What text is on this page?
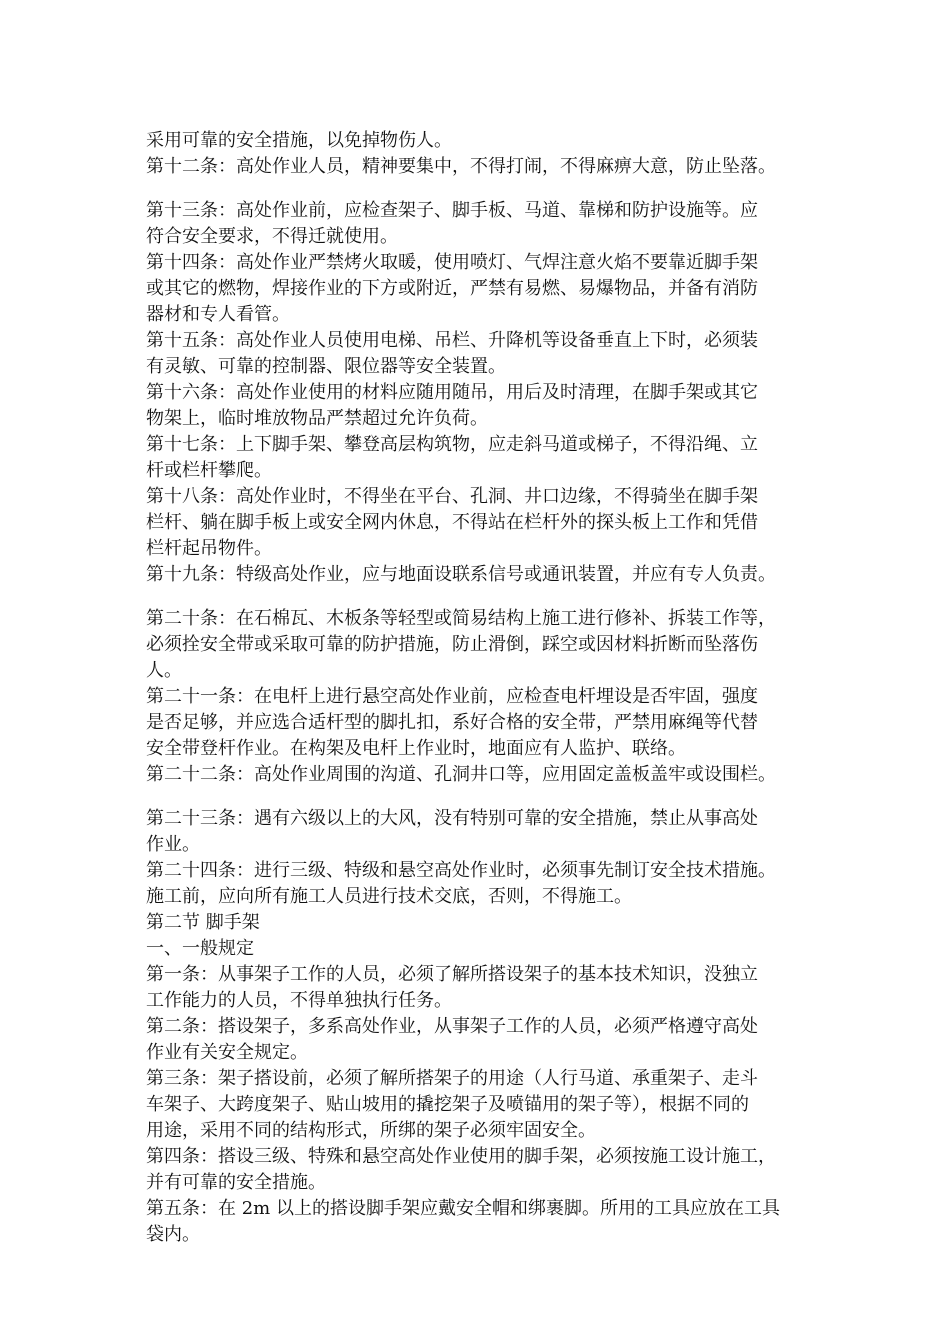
采用可靠的安全措施，以免掉物伤人。
第十二条：高处作业人员，精神要集中，不得打闹，不得麻痹大意，防止坠落。
第十三条：高处作业前，应检查架子、脚手板、马道、靠梯和防护设施等。应
符合安全要求，不得迁就使用。
第十四条：高处作业严禁烤火取暖，使用喷灯、气焊注意火焰不要靠近脚手架
或其它的燃物，焊接作业的下方或附近，严禁有易燃、易爆物品，并备有消防
器材和专人看管。
第十五条：高处作业人员使用电梯、吊栏、升降机等设备垂直上下时，必须装
有灵敏、可靠的控制器、限位器等安全装置。
第十六条：高处作业使用的材料应随用随吊，用后及时清理，在脚手架或其它
物架上，临时堆放物品严禁超过允许负荷。
第十七条：上下脚手架、攀登高层构筑物，应走斜马道或梯子，不得沿绳、立
杆或栏杆攀爬。
第十八条：高处作业时，不得坐在平台、孔洞、井口边缘，不得骑坐在脚手架
栏杆、躺在脚手板上或安全网内休息，不得站在栏杆外的探头板上工作和凭借
栏杆起吊物件。
第十九条：特级高处作业，应与地面设联系信号或通讯装置，并应有专人负责。
第二十条：在石棉瓦、木板条等轻型或简易结构上施工进行修补、拆装工作等，
必须拴安全带或采取可靠的防护措施，防止滑倒，踩空或因材料折断而坠落伤
人。
第二十一条：在电杆上进行悬空高处作业前，应检查电杆埋设是否牢固，强度
是否足够，并应选合适杆型的脚扎扣，系好合格的安全带，严禁用麻绳等代替
安全带登杆作业。在构架及电杆上作业时，地面应有人监护、联络。
第二十二条：高处作业周围的沟道、孔洞井口等，应用固定盖板盖牢或设围栏。
第二十三条：遇有六级以上的大风，没有特别可靠的安全措施，禁止从事高处
作业。
第二十四条：进行三级、特级和悬空高处作业时，必须事先制订安全技术措施。
施工前，应向所有施工人员进行技术交底，否则，不得施工。
第二节 脚手架
一、一般规定
第一条：从事架子工作的人员，必须了解所搭设架子的基本技术知识，没独立
工作能力的人员，不得单独执行任务。
第二条：搭设架子，多系高处作业，从事架子工作的人员，必须严格遵守高处
作业有关安全规定。
第三条：架子搭设前，必须了解所搭架子的用途（人行马道、承重架子、走斗
车架子、大跨度架子、贴山坡用的撬挖架子及喷锚用的架子等），根据不同的
用途，采用不同的结构形式，所绑的架子必须牢固安全。
第四条：搭设三级、特殊和悬空高处作业使用的脚手架，必须按施工设计施工，
并有可靠的安全措施。
第五条：在 2m 以上的搭设脚手架应戴安全帽和绑裹脚。所用的工具应放在工具
袋内。
